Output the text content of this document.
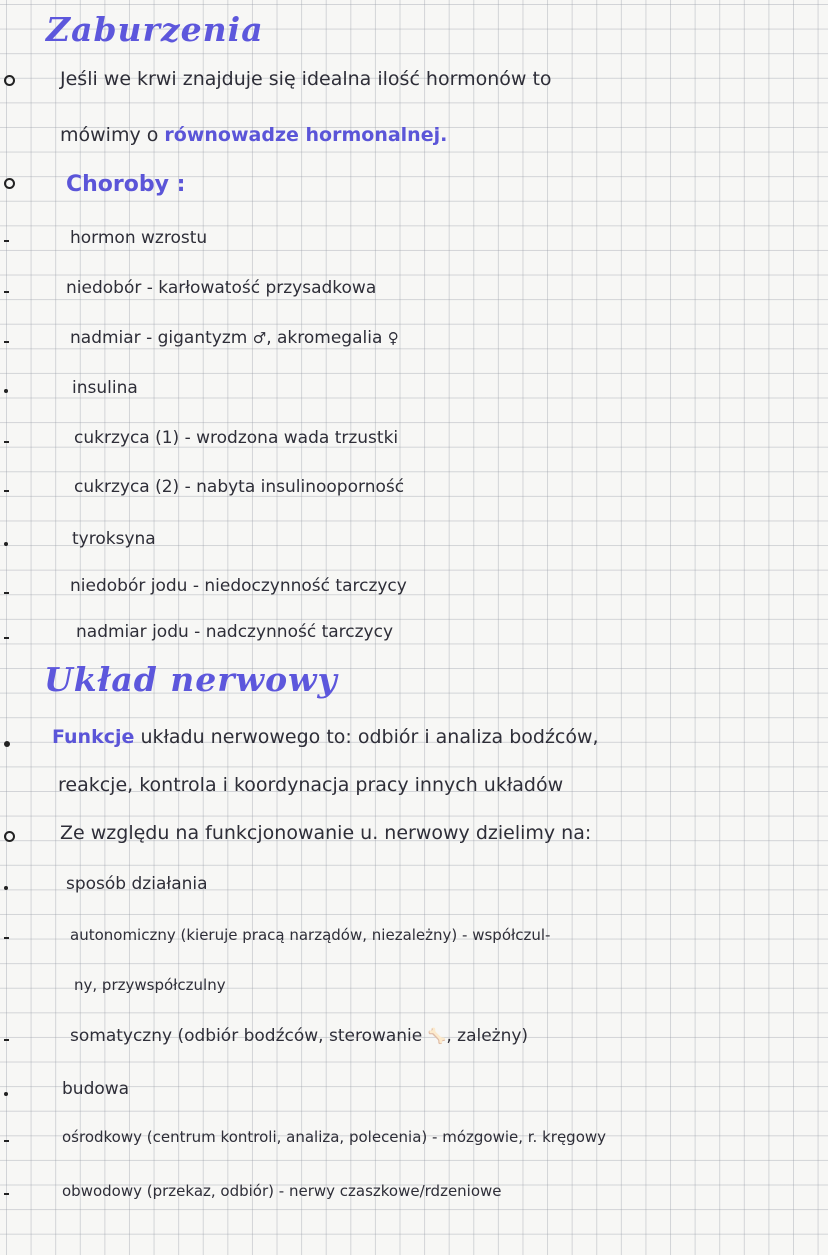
Zaburzenia
Jeśli we krwi znajduje się idealna ilość hormonów to
mówimy o równowadze hormonalnej.
Choroby :
hormon wzrostu
niedobór - karłowatość przysadkowa
nadmiar - gigantyzm ♂, akromegalia ♀
insulina
cukrzyca (1) - wrodzona wada trzustki
cukrzyca (2) - nabyta insulinooporność
tyroksyna
niedobór jodu - niedoczynność tarczycy
nadmiar jodu - nadczynność tarczycy
Układ nerwowy
Funkcje układu nerwowego to: odbiór i analiza bodźców,
reakcje, kontrola i koordynacja pracy innych układów
Ze względu na funkcjonowanie u. nerwowy dzielimy na:
sposób działania
autonomiczny (kieruje pracą narządów, niezależny) - współczul-
ny, przywspółczulny
somatyczny (odbiór bodźców, sterowanie 🦴, zależny)
budowa
ośrodkowy (centrum kontroli, analiza, polecenia) - mózgowie, r. kręgowy
obwodowy (przekaz, odbiór) - nerwy czaszkowe/rdzeniowe
